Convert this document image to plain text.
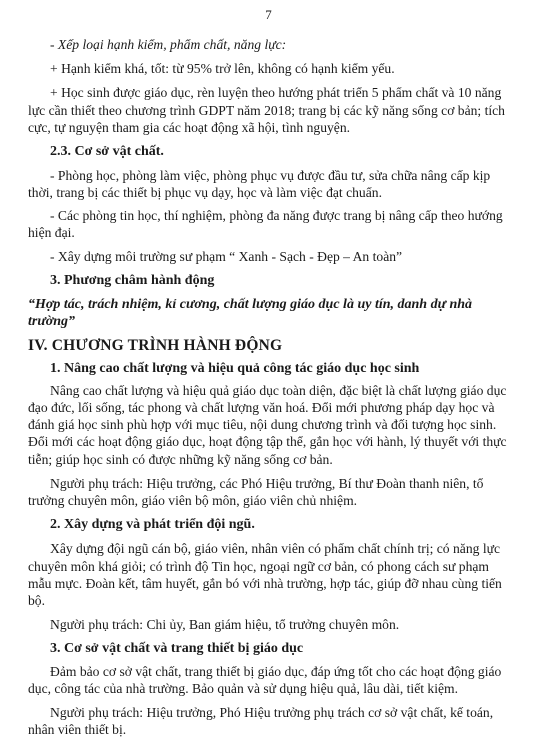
7

- Xếp loại hạnh kiểm, phẩm chất, năng lực:

+ Hạnh kiểm khá, tốt: từ 95% trở lên, không có hạnh kiểm yếu.

+ Học sinh được giáo dục, rèn luyện theo hướng phát triển 5 phẩm chất và 10 năng lực cần thiết theo chương trình GDPT năm 2018; trang bị các kỹ năng sống cơ bản; tích cực, tự nguyện tham gia các hoạt động xã hội, tình nguyện.

2.3. Cơ sở vật chất.

- Phòng học, phòng làm việc, phòng phục vụ được đầu tư, sửa chữa nâng cấp kịp thời, trang bị các thiết bị phục vụ dạy, học và làm việc đạt chuẩn.

- Các phòng tin học, thí nghiệm, phòng đa năng được trang bị nâng cấp theo hướng hiện đại.

- Xây dựng môi trường sư phạm “ Xanh - Sạch - Đẹp – An toàn”

3. Phương châm hành động

“Hợp tác, trách nhiệm, kỉ cương, chất lượng giáo dục là uy tín, danh dự nhà trường”

IV. CHƯƠNG TRÌNH HÀNH ĐỘNG

1. Nâng cao chất lượng và hiệu quả công tác giáo dục học sinh

Nâng cao chất lượng và hiệu quả giáo dục toàn diện, đặc biệt là chất lượng giáo dục đạo đức, lối sống, tác phong và chất lượng văn hoá. Đổi mới phương pháp dạy học và đánh giá học sinh phù hợp với mục tiêu, nội dung chương trình và đối tượng học sinh. Đổi mới các hoạt động giáo dục, hoạt động tập thể, gắn học với hành, lý thuyết với thực tiễn; giúp học sinh có được những kỹ năng sống cơ bản.

Người phụ trách: Hiệu trưởng, các Phó Hiệu trưởng, Bí thư Đoàn thanh niên, tổ trưởng chuyên môn, giáo viên bộ môn, giáo viên chủ nhiệm.

2. Xây dựng và phát triển đội ngũ.

Xây dựng đội ngũ cán bộ, giáo viên, nhân viên có phẩm chất chính trị; có năng lực chuyên môn khá giỏi; có trình độ Tin học, ngoại ngữ cơ bản, có phong cách sư phạm mẫu mực. Đoàn kết, tâm huyết, gắn bó với nhà trường, hợp tác, giúp đỡ nhau cùng tiến bộ.

Người phụ trách: Chi ủy, Ban giám hiệu, tổ trưởng chuyên môn.

3. Cơ sở vật chất và trang thiết bị giáo dục

Đảm bảo cơ sở vật chất, trang thiết bị giáo dục, đáp ứng tốt cho các hoạt động giáo dục, công tác của nhà trường. Bảo quản và sử dụng hiệu quả, lâu dài, tiết kiệm.

Người phụ trách: Hiệu trưởng, Phó Hiệu trưởng phụ trách cơ sở vật chất, kế toán, nhân viên thiết bị.
